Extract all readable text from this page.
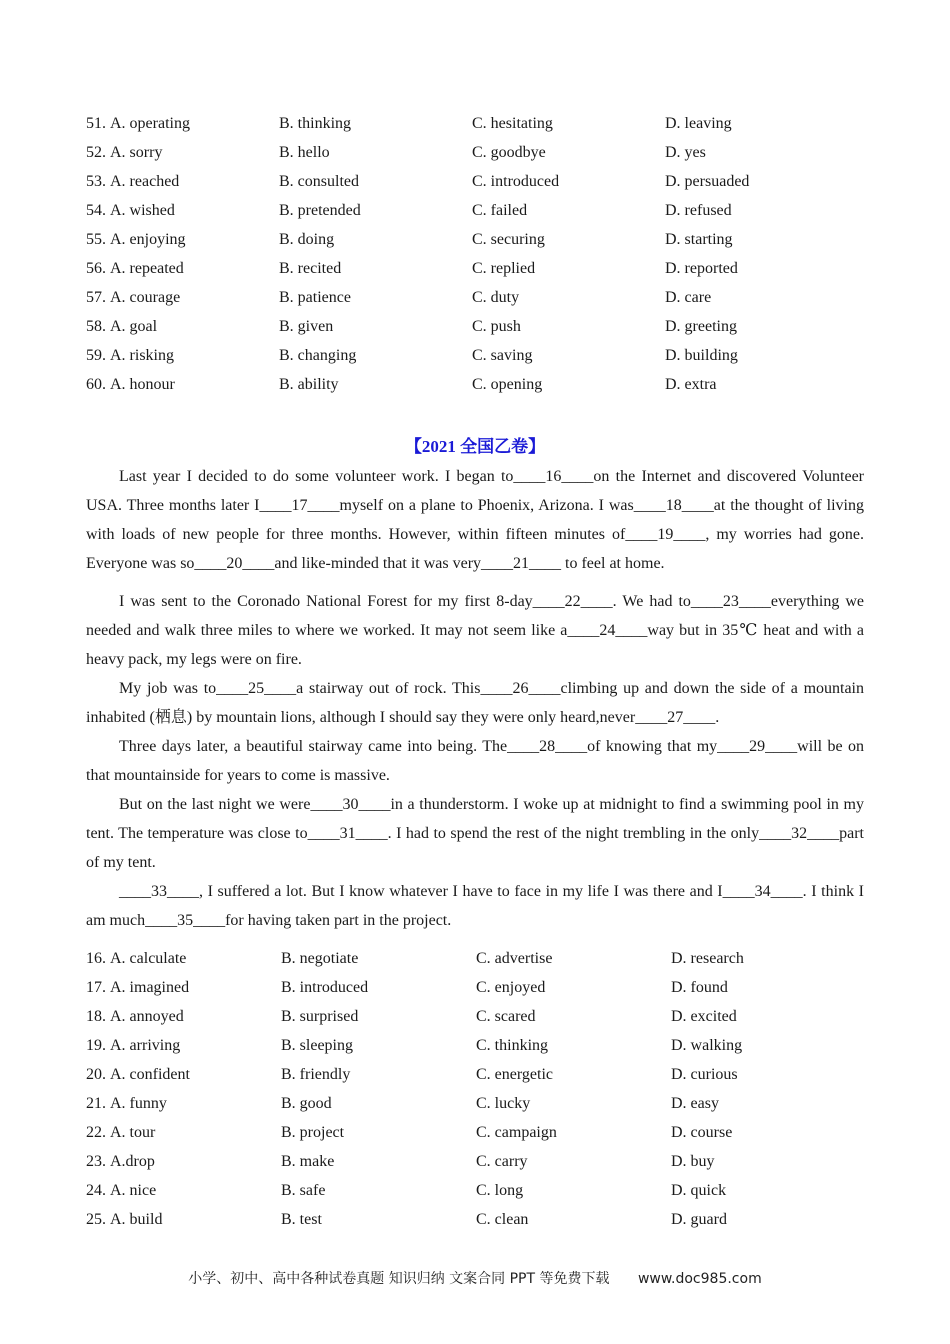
51. A. operating	B. thinking	C. hesitating	D. leaving
52. A. sorry	B. hello	C. goodbye	D. yes
53. A. reached	B. consulted	C. introduced	D. persuaded
54. A. wished	B. pretended	C. failed	D. refused
55. A. enjoying	B. doing	C. securing	D. starting
56. A. repeated	B. recited	C. replied	D. reported
57. A. courage	B. patience	C. duty	D. care
58. A. goal	B. given	C. push	D. greeting
59. A. risking	B. changing	C. saving	D. building
60. A. honour	B. ability	C. opening	D. extra
【2021 全国乙卷】

Last year I decided to do some volunteer work. I began to____16____on the Internet and discovered Volunteer USA. Three months later I____17____myself on a plane to Phoenix, Arizona. I was____18____at the thought of living with loads of new people for three months. However, within fifteen minutes of____19____, my worries had gone. Everyone was so____20____and like-minded that it was very____21____ to feel at home.

I was sent to the Coronado National Forest for my first 8-day____22____. We had to____23____everything we needed and walk three miles to where we worked. It may not seem like a____24____way but in 35℃ heat and with a heavy pack, my legs were on fire.

My job was to____25____a stairway out of rock. This____26____climbing up and down the side of a mountain inhabited (栖息) by mountain lions, although I should say they were only heard,never____27____.

Three days later, a beautiful stairway came into being. The____28____of knowing that my____29____will be on that mountainside for years to come is massive.

But on the last night we were____30____in a thunderstorm. I woke up at midnight to find a swimming pool in my tent. The temperature was close to____31____. I had to spend the rest of the night trembling in the only____32____part of my tent.

____33____, I suffered a lot. But I know whatever I have to face in my life I was there and I____34____. I think I am much____35____for having taken part in the project.

16. A. calculate	B. negotiate	C. advertise	D. research
17. A. imagined	B. introduced	C. enjoyed	D. found
18. A. annoyed	B. surprised	C. scared	D. excited
19. A. arriving	B. sleeping	C. thinking	D. walking
20. A. confident	B. friendly	C. energetic	D. curious
21. A. funny	B. good	C. lucky	D. easy
22. A. tour	B. project	C. campaign	D. course
23. A.drop	B. make	C. carry	D. buy
24. A. nice	B. safe	C. long	D. quick
25. A. build	B. test	C. clean	D. guard
小学、初中、高中各种试卷真题 知识归纳 文案合同 PPT 等免费下载 www.doc985.com
